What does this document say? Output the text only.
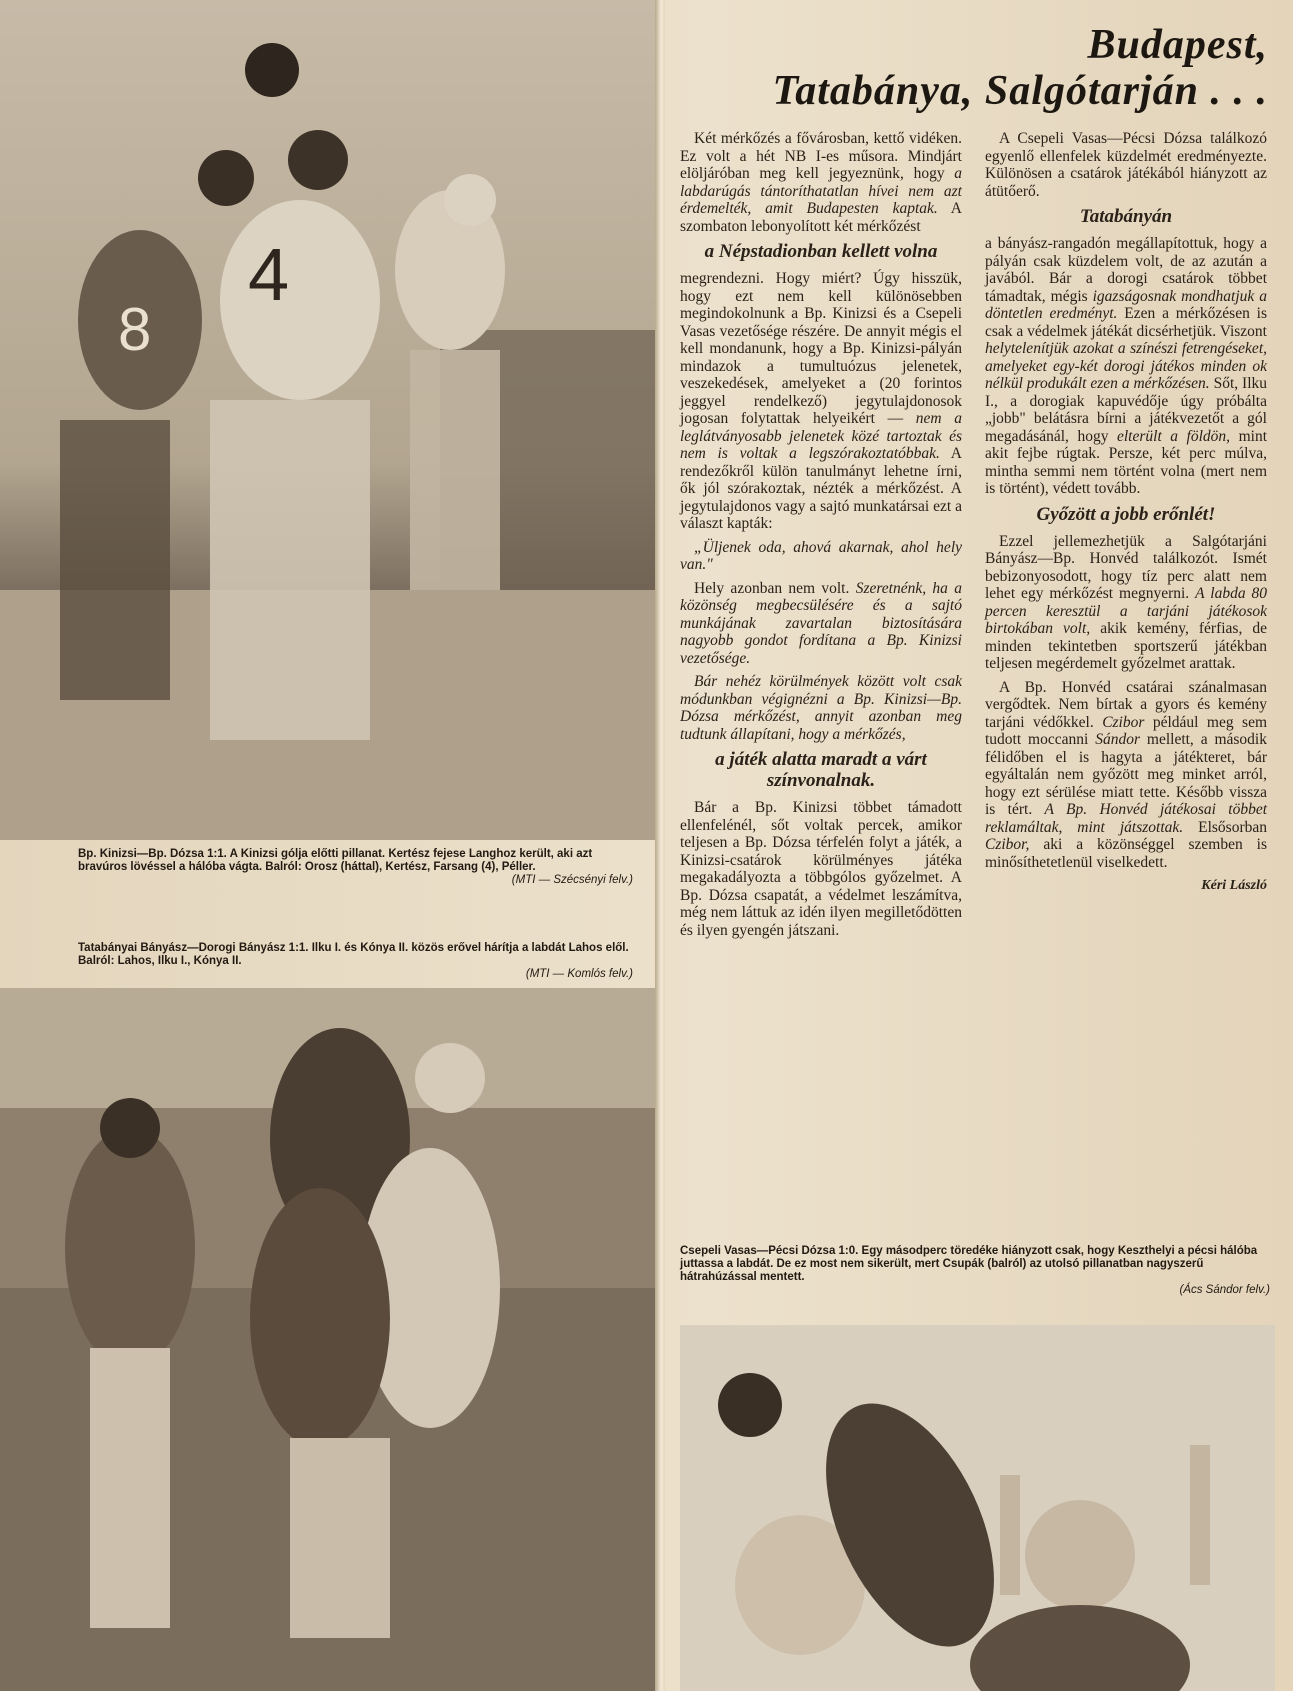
8
4
Bp. Kinizsi—Bp. Dózsa 1:1. A Kinizsi gólja előtti pillanat. Kertész fejese Langhoz került, aki azt bravúros lövéssel a hálóba vágta. Balról: Orosz (háttal), Kertész, Farsang (4), Péller.
(MTI — Szécsényi felv.)
Tatabányai Bányász—Dorogi Bányász 1:1. Ilku I. és Kónya II. közös erővel hárítja a labdát Lahos elől. Balról: Lahos, Ilku I., Kónya II.
(MTI — Komlós felv.)
Budapest,
Tatabánya, Salgótarján . . .

Két mérkőzés a fővárosban, kettő vidéken. Ez volt a hét NB I-es műsora. Mindjárt elöljáróban meg kell jegyeznünk, hogy a labdarúgás tántoríthatatlan hívei nem azt érdemelték, amit Budapesten kaptak. A szombaton lebonyolított két mérkőzést

a Népstadionban kellett volna

megrendezni. Hogy miért? Úgy hisszük, hogy ezt nem kell különösebben megindokolnunk a Bp. Kinizsi és a Csepeli Vasas vezetősége részére. De annyit mégis el kell mondanunk, hogy a Bp. Kinizsi-pályán mindazok a tumultuózus jelenetek, veszekedések, amelyeket a (20 forintos jeggyel rendelkező) jegytulajdonosok jogosan folytattak helyeikért — nem a leglátványosabb jelenetek közé tartoztak és nem is voltak a legszórakoztatóbbak. A rendezőkről külön tanulmányt lehetne írni, ők jól szórakoztak, nézték a mérkőzést. A jegytulajdonos vagy a sajtó munkatársai ezt a választ kapták:

„Üljenek oda, ahová akarnak, ahol hely van."

Hely azonban nem volt. Szeretnénk, ha a közönség megbecsülésére és a sajtó munkájának zavartalan biztosítására nagyobb gondot fordítana a Bp. Kinizsi vezetősége.

Bár nehéz körülmények között volt csak módunkban végignézni a Bp. Kinizsi—Bp. Dózsa mérkőzést, annyit azonban meg tudtunk állapítani, hogy a mérkőzés,

a játék alatta maradt a várt színvonalnak.

Bár a Bp. Kinizsi többet támadott ellenfelénél, sőt voltak percek, amikor teljesen a Bp. Dózsa térfelén folyt a játék, a Kinizsi-csatárok körülményes játéka megakadályozta a többgólos győzelmet. A Bp. Dózsa csapatát, a védelmet leszámítva, még nem láttuk az idén ilyen megilletődötten és ilyen gyengén játszani.

A Csepeli Vasas—Pécsi Dózsa találkozó egyenlő ellenfelek küzdelmét eredményezte. Különösen a csatárok játékából hiányzott az átütőerő.

Tatabányán

a bányász-rangadón megállapítottuk, hogy a pályán csak küzdelem volt, de az azután a javából. Bár a dorogi csatárok többet támadtak, mégis igazságosnak mondhatjuk a döntetlen eredményt. Ezen a mérkőzésen is csak a védelmek játékát dicsérhetjük. Viszont helytelenítjük azokat a színészi fetrengéseket, amelyeket egy-két dorogi játékos minden ok nélkül produkált ezen a mérkőzésen. Sőt, Ilku I., a dorogiak kapuvédője úgy próbálta „jobb" belátásra bírni a játékvezetőt a gól megadásánál, hogy elterült a földön, mint akit fejbe rúgtak. Persze, két perc múlva, mintha semmi nem történt volna (mert nem is történt), védett tovább.

Győzött a jobb erőnlét!

Ezzel jellemezhetjük a Salgótarjáni Bányász—Bp. Honvéd találkozót. Ismét bebizonyosodott, hogy tíz perc alatt nem lehet egy mérkőzést megnyerni. A labda 80 percen keresztül a tarjáni játékosok birtokában volt, akik kemény, férfias, de minden tekintetben sportszerű játékban teljesen megérdemelt győzelmet arattak.

A Bp. Honvéd csatárai szánalmasan vergődtek. Nem bírtak a gyors és kemény tarjáni védőkkel. Czibor például meg sem tudott moccanni Sándor mellett, a második félidőben el is hagyta a játékteret, bár egyáltalán nem győzött meg minket arról, hogy ezt sérülése miatt tette. Később vissza is tért. A Bp. Honvéd játékosai többet reklamáltak, mint játszottak. Elsősorban Czibor, aki a közönséggel szemben is minősíthetetlenül viselkedett.

Kéri László
Csepeli Vasas—Pécsi Dózsa 1:0. Egy másodperc töredéke hiányzott csak, hogy Keszthelyi a pécsi hálóba juttassa a labdát. De ez most nem sikerült, mert Csupák (balról) az utolsó pillanatban nagyszerű hátrahúzással mentett.
(Ács Sándor felv.)
